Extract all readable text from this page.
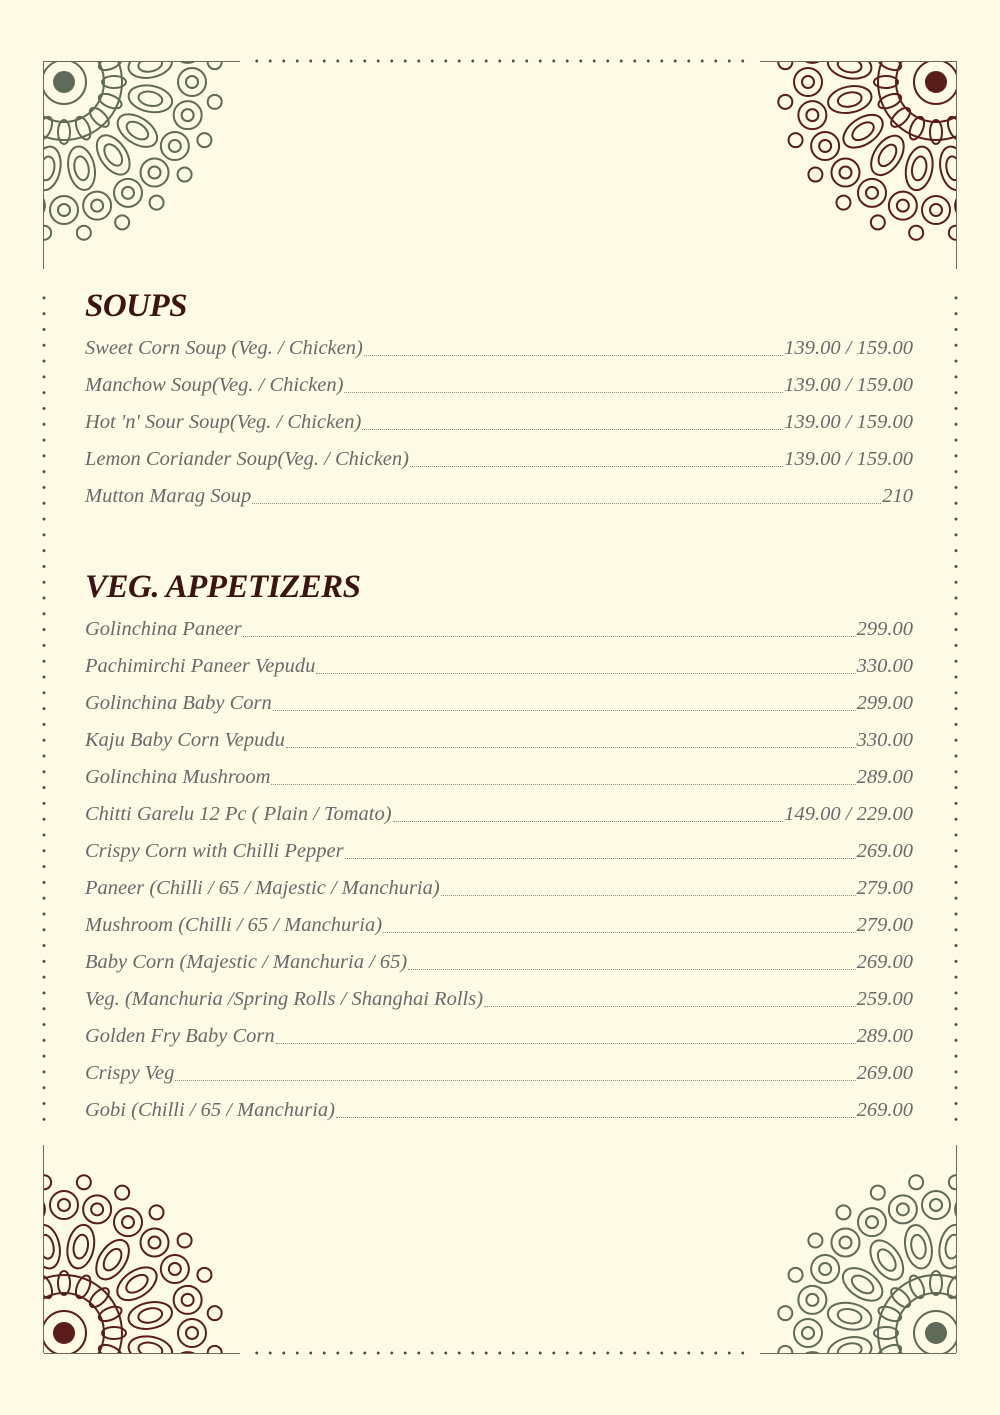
SOUPS
Sweet Corn Soup (Veg. / Chicken)	139.00 / 159.00
Manchow Soup(Veg. / Chicken)	139.00 / 159.00
Hot 'n' Sour Soup(Veg. / Chicken)	139.00 / 159.00
Lemon Coriander Soup(Veg. / Chicken)	139.00 / 159.00
Mutton Marag Soup	210
VEG. APPETIZERS
Golinchina Paneer	299.00
Pachimirchi Paneer Vepudu	330.00
Golinchina Baby Corn	299.00
Kaju Baby Corn Vepudu	330.00
Golinchina Mushroom	289.00
Chitti Garelu 12 Pc ( Plain / Tomato)	149.00 / 229.00
Crispy Corn with Chilli Pepper	269.00
Paneer (Chilli / 65 / Majestic / Manchuria)	279.00
Mushroom (Chilli / 65 / Manchuria)	279.00
Baby Corn (Majestic / Manchuria / 65)	269.00
Veg. (Manchuria /Spring Rolls / Shanghai Rolls)	259.00
Golden Fry Baby Corn	289.00
Crispy Veg	269.00
Gobi (Chilli / 65 / Manchuria)	269.00
